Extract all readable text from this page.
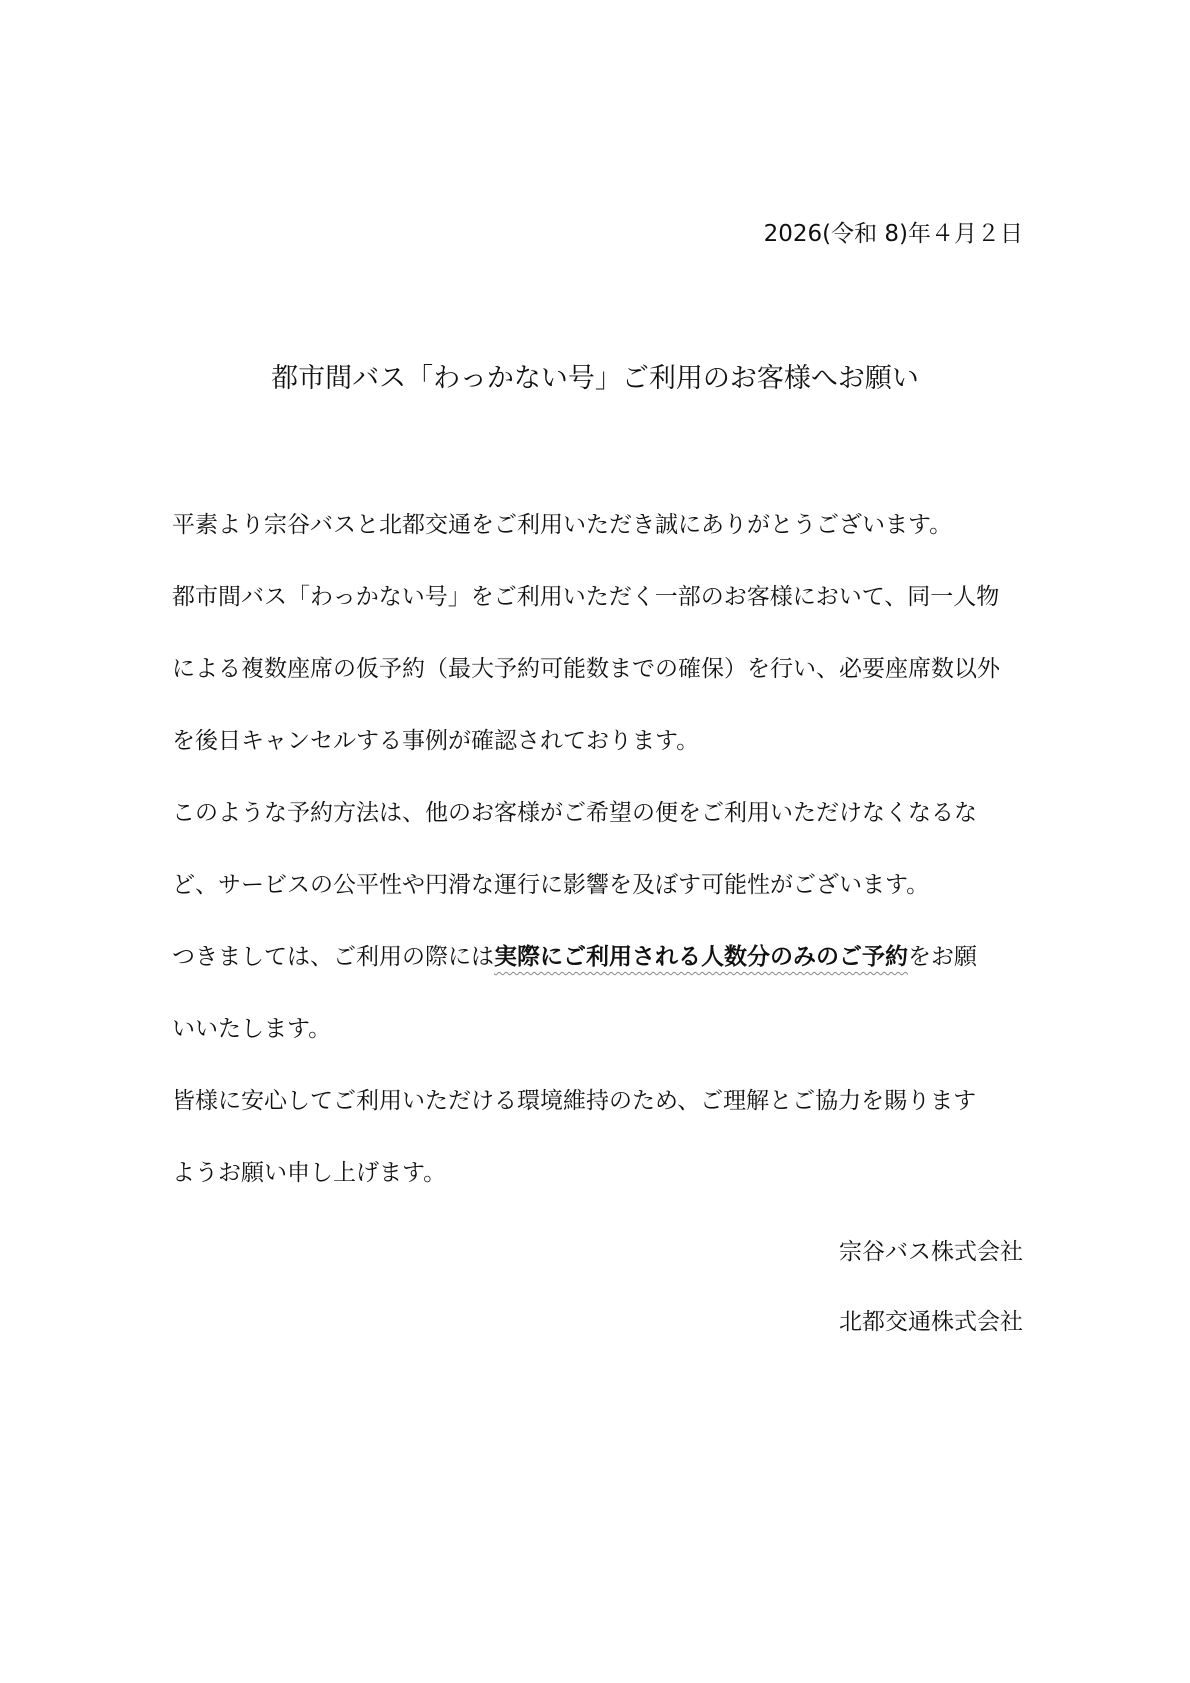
2026(令和 8)年４月２日
都市間バス「わっかない号」ご利用のお客様へお願い
平素より宗谷バスと北都交通をご利用いただき誠にありがとうございます。
都市間バス「わっかない号」をご利用いただく一部のお客様において、同一人物
による複数座席の仮予約（最大予約可能数までの確保）を行い、必要座席数以外
を後日キャンセルする事例が確認されております。
このような予約方法は、他のお客様がご希望の便をご利用いただけなくなるな
ど、サービスの公平性や円滑な運行に影響を及ぼす可能性がございます。
つきましては、ご利用の際には実際にご利用される人数分のみのご予約をお願
いいたします。
皆様に安心してご利用いただける環境維持のため、ご理解とご協力を賜ります
ようお願い申し上げます。
宗谷バス株式会社
北都交通株式会社
